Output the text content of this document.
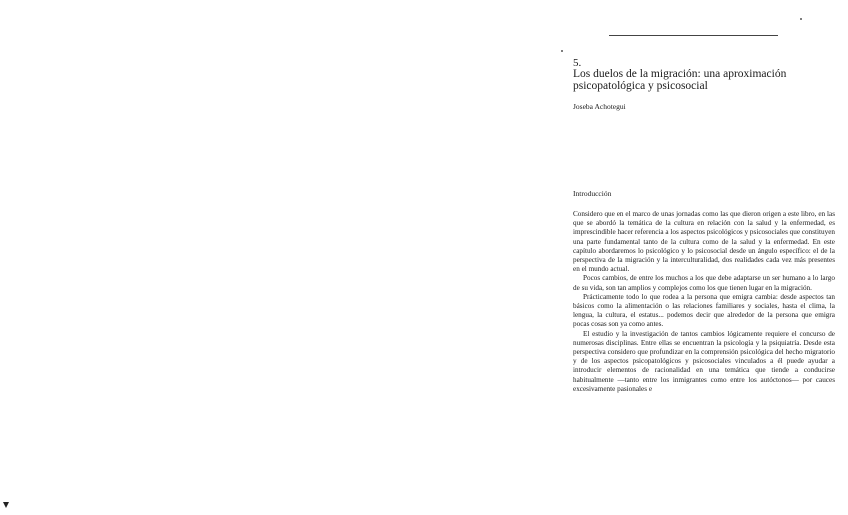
5.
Los duelos de la migración: una aproximación
psicopatológica y psicosocial
Joseba Achotegui
Introducción

Considero que en el marco de unas jornadas como las que dieron origen a este libro, en las que se abordó la temática de la cultura en relación con la salud y la enfermedad, es imprescindible hacer referencia a los aspectos psicológicos y psicosociales que constituyen una parte fundamental tanto de la cultura como de la salud y la enfermedad. En este capítulo abordaremos lo psicológico y lo psicosocial desde un ángulo específico: el de la perspectiva de la migración y la interculturalidad, dos realidades cada vez más presentes en el mundo actual.

Pocos cambios, de entre los muchos a los que debe adaptarse un ser humano a lo largo de su vida, son tan amplios y complejos como los que tienen lugar en la migración.

Prácticamente todo lo que rodea a la persona que emigra cambia: desde aspectos tan básicos como la alimentación o las relaciones familiares y sociales, hasta el clima, la lengua, la cultura, el estatus... podemos decir que alrededor de la persona que emigra pocas cosas son ya como antes.

El estudio y la investigación de tantos cambios lógicamente requiere el concurso de numerosas disciplinas. Entre ellas se encuentran la psicología y la psiquiatría. Desde esta perspectiva considero que profundizar en la comprensión psicológica del hecho migratorio y de los aspectos psicopatológicos y psicosociales vinculados a él puede ayudar a introducir elementos de racionalidad en una temática que tiende a conducirse habitualmente —tanto entre los inmigrantes como entre los autóctonos— por cauces excesivamente pasionales e
